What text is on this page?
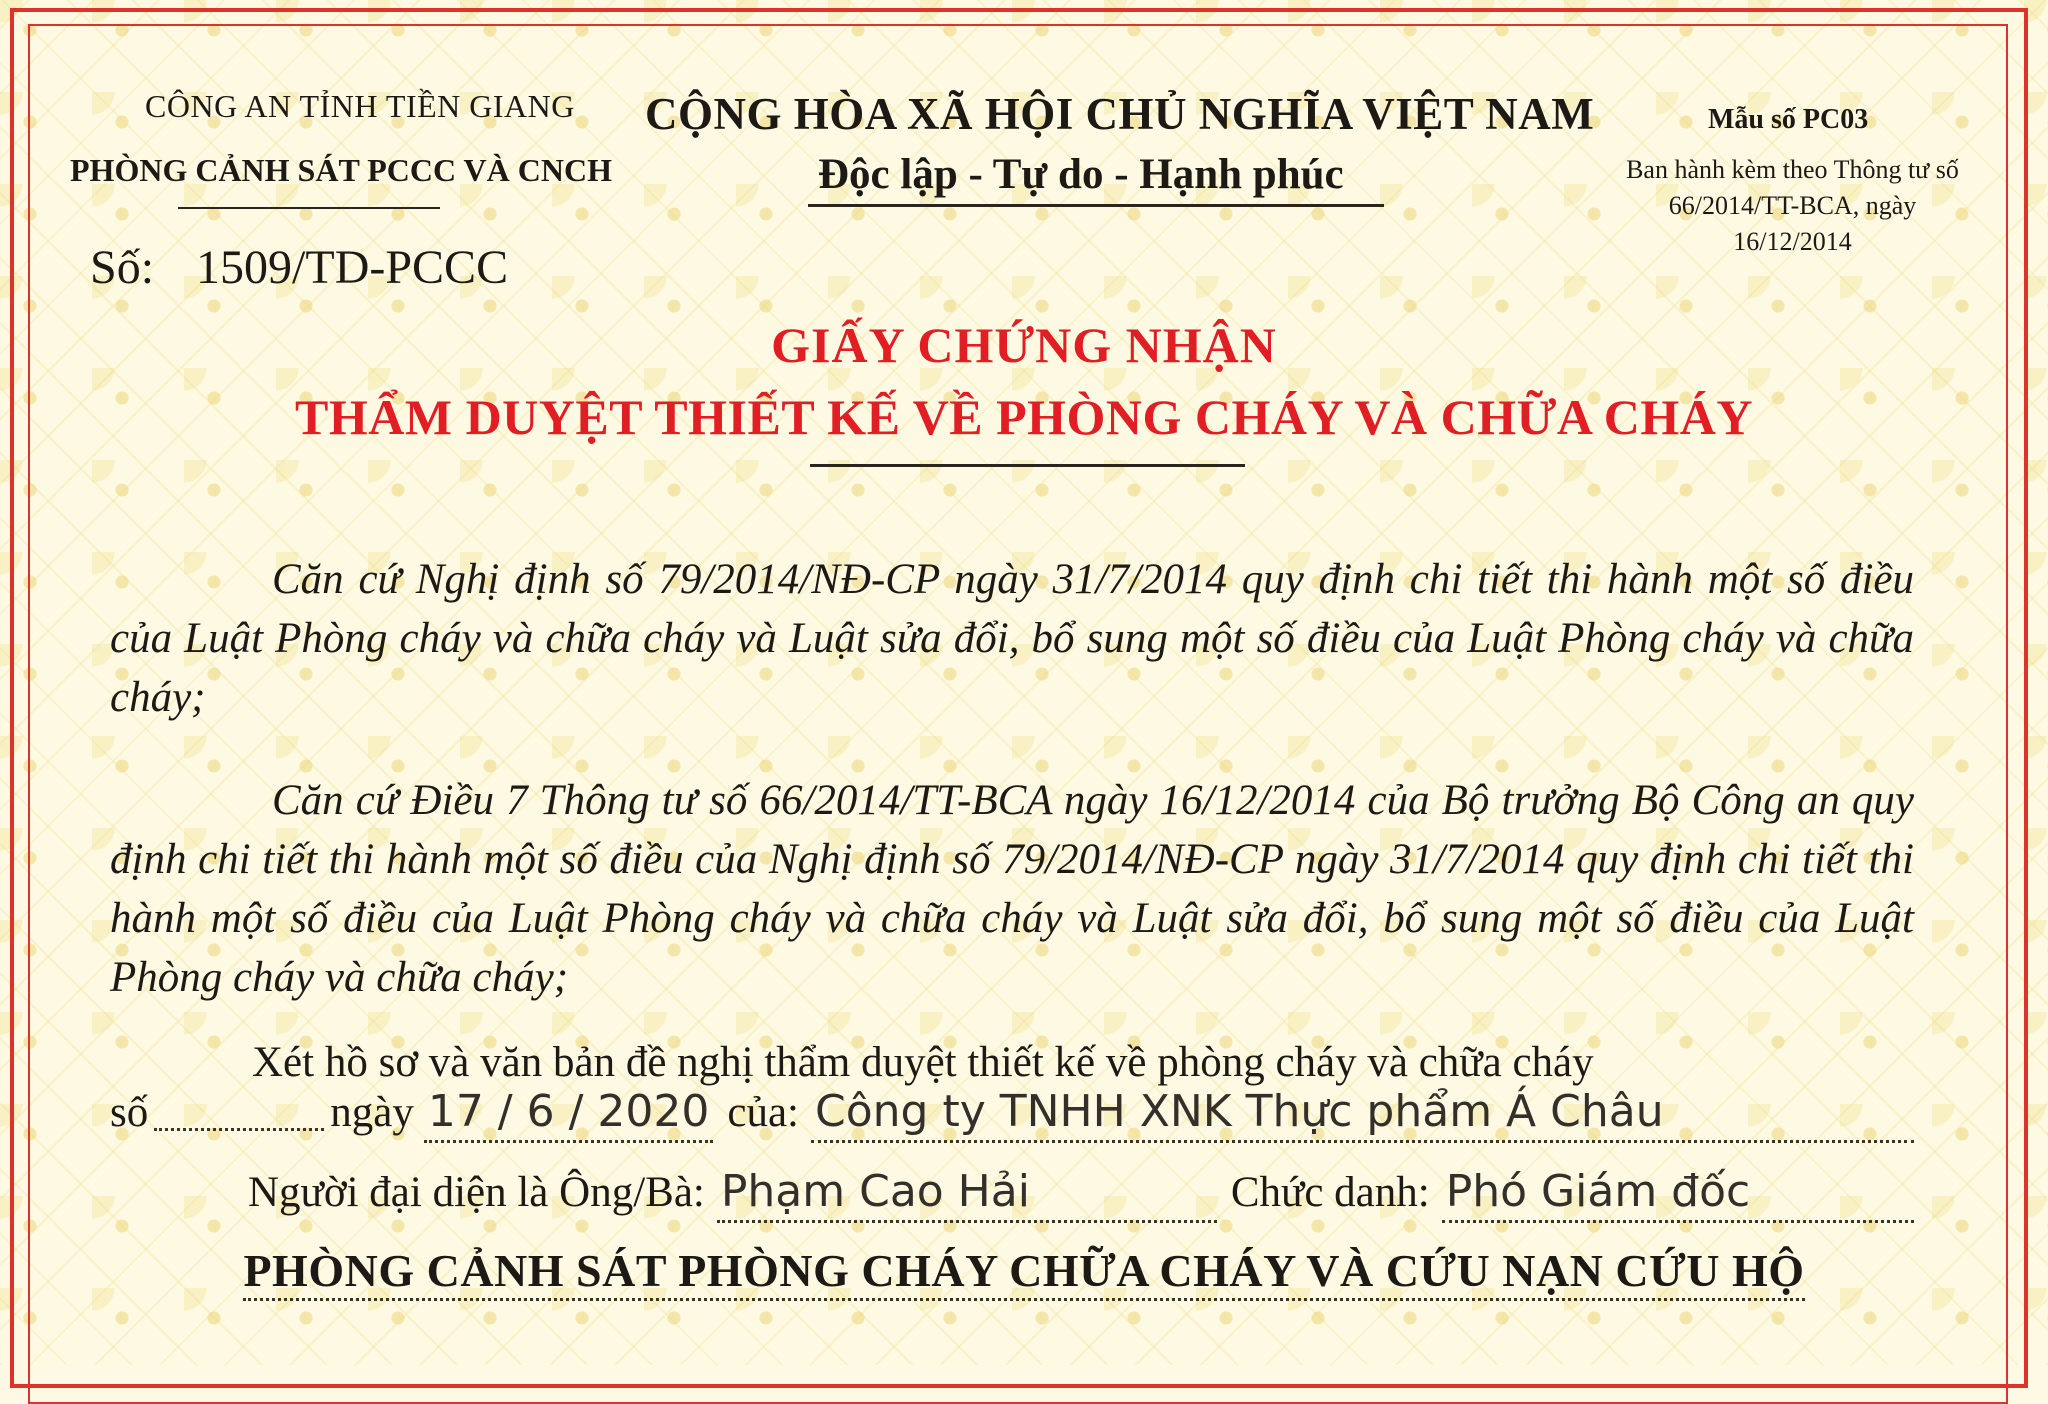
CÔNG AN TỈNH TIỀN GIANG
PHÒNG CẢNH SÁT PCCC VÀ CNCH
CỘNG HÒA XÃ HỘI CHỦ NGHĨA VIỆT NAM
Độc lập - Tự do - Hạnh phúc
Mẫu số PC03
Ban hành kèm theo Thông tư số 66/2014/TT-BCA, ngày 16/12/2014
Số: 1509/TD-PCCC
GIẤY CHỨNG NHẬN
THẨM DUYỆT THIẾT KẾ VỀ PHÒNG CHÁY VÀ CHỮA CHÁY
Căn cứ Nghị định số 79/2014/NĐ-CP ngày 31/7/2014 quy định chi tiết thi hành một số điều của Luật Phòng cháy và chữa cháy và Luật sửa đổi, bổ sung một số điều của Luật Phòng cháy và chữa cháy;
Căn cứ Điều 7 Thông tư số 66/2014/TT-BCA ngày 16/12/2014 của Bộ trưởng Bộ Công an quy định chi tiết thi hành một số điều của Nghị định số 79/2014/NĐ-CP ngày 31/7/2014 quy định chi tiết thi hành một số điều của Luật Phòng cháy và chữa cháy và Luật sửa đổi, bổ sung một số điều của Luật Phòng cháy và chữa cháy;
Xét hồ sơ và văn bản đề nghị thẩm duyệt thiết kế về phòng cháy và chữa cháy
số	ngày 17 / 6 / 2020 của: Công ty TNHH XNK Thực phẩm Á Châu
Người đại diện là Ông/Bà: Phạm Cao Hải	Chức danh: Phó Giám đốc
PHÒNG CẢNH SÁT PHÒNG CHÁY CHỮA CHÁY VÀ CỨU NẠN CỨU HỘ
